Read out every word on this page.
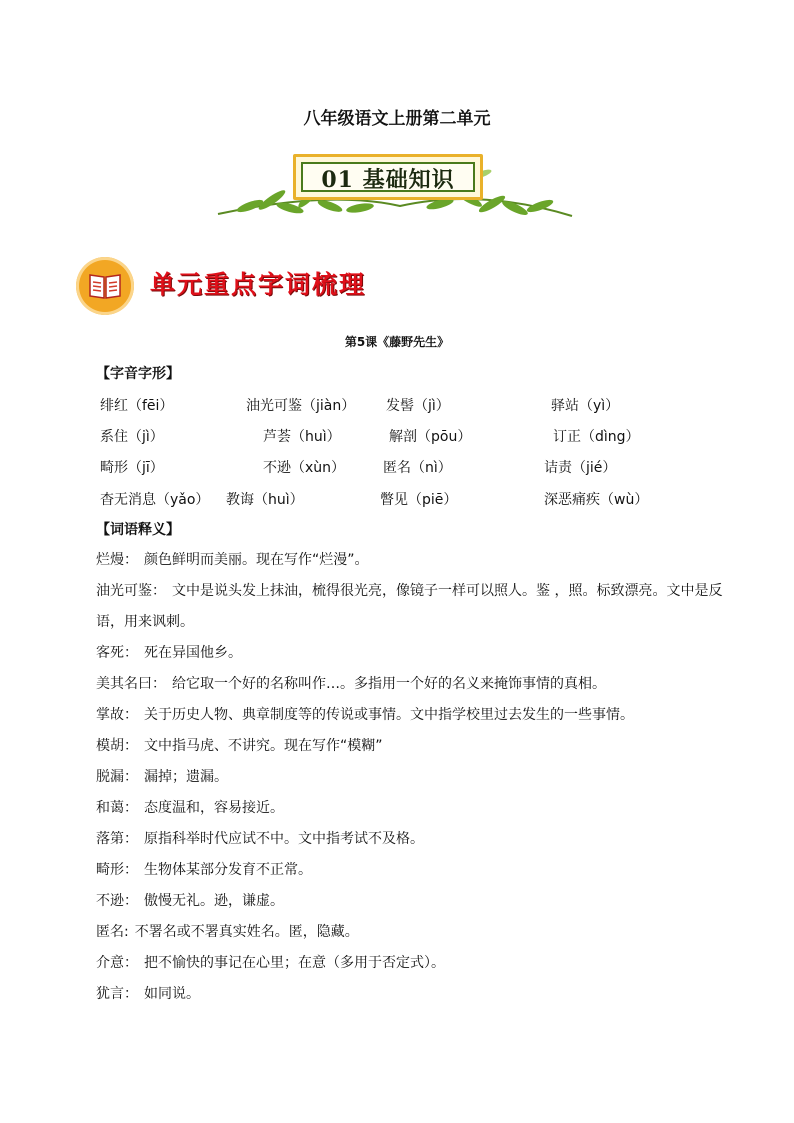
八年级语文上册第二单元
01 基础知识
单元重点字词梳理
第5课《藤野先生》
【字音字形】
绯红（fēi）	油光可鉴（jiàn） 发髻（jì）	驿站（yì）
系住（jì）	芦荟（huì）	解剖（pōu）	订正（dìng）
畸形（jī）	不逊（xùn）	匿名（nì）	诘责（jié）
杳无消息（yǎo） 教诲（huì）	瞥见（piē）	深恶痛疾（wù）
【词语释义】
烂熳： 颜色鲜明而美丽。现在写作“烂漫”。
油光可鉴： 文中是说头发上抹油，梳得很光亮，像镜子一样可以照人。鉴 ，照。标致漂亮。文中是反语，用来讽刺。
客死： 死在异国他乡。
美其名曰： 给它取一个好的名称叫作…。多指用一个好的名义来掩饰事情的真相。
掌故： 关于历史人物、典章制度等的传说或事情。文中指学校里过去发生的一些事情。
模胡： 文中指马虎、不讲究。现在写作“模糊”
脱漏： 漏掉；遗漏。
和蔼： 态度温和，容易接近。
落第： 原指科举时代应试不中。文中指考试不及格。
畸形： 生物体某部分发育不正常。
不逊： 傲慢无礼。逊，谦虚。
匿名: 不署名或不署真实姓名。匿，隐藏。
介意： 把不愉快的事记在心里；在意（多用于否定式）。
犹言： 如同说。
